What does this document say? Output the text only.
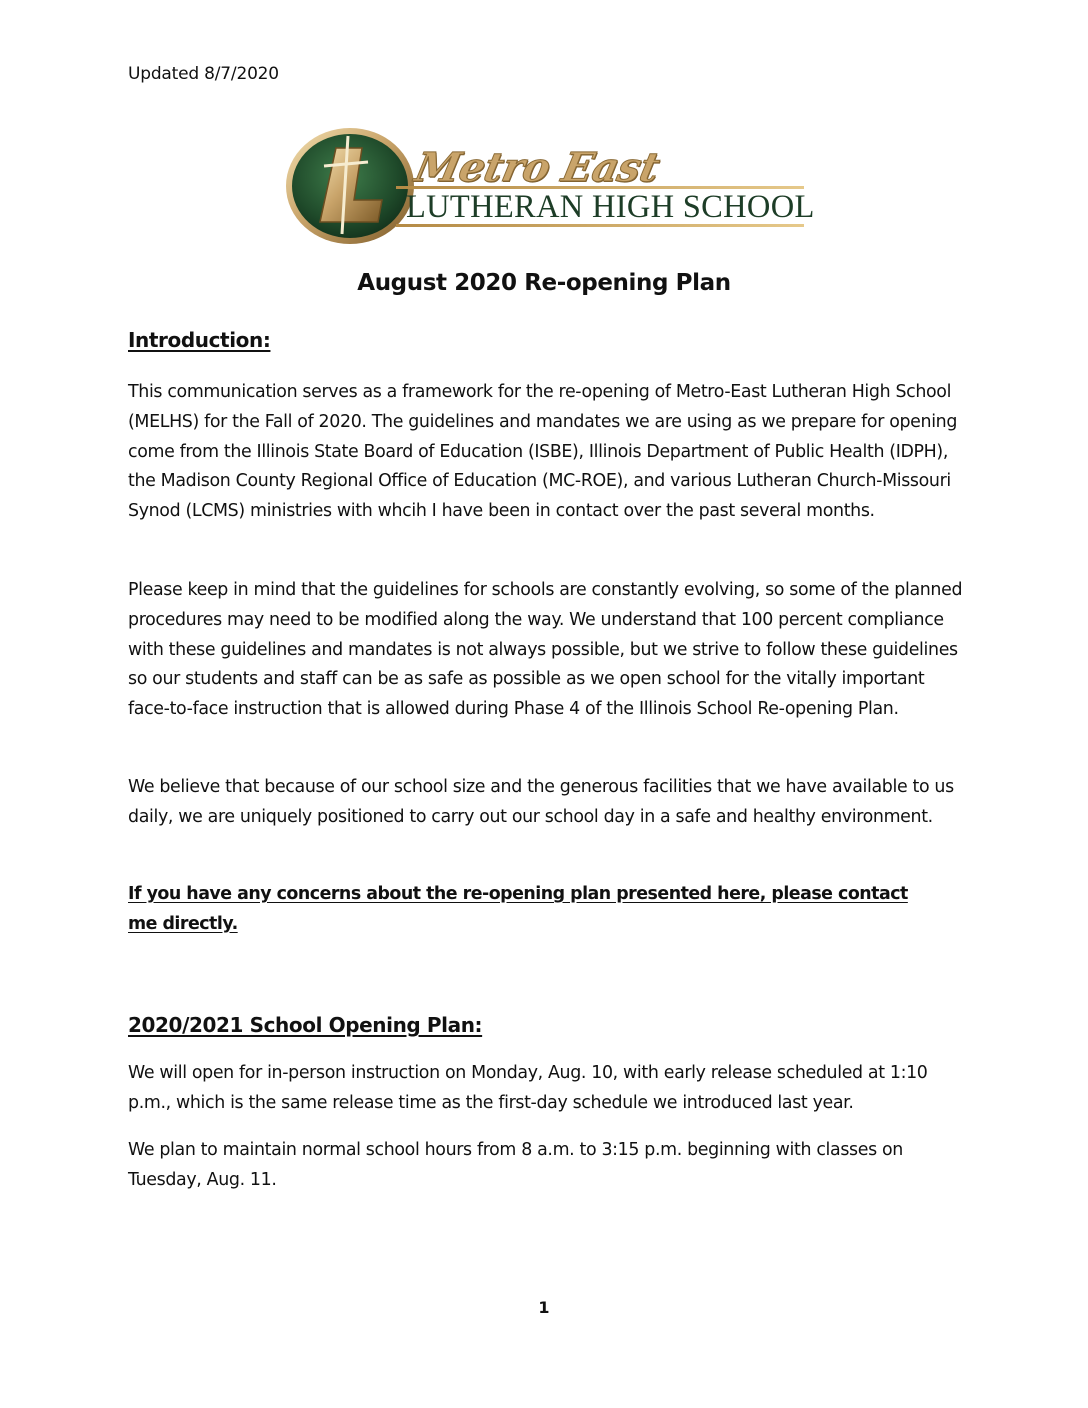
Updated 8/7/2020
Metro East
LUTHERAN HIGH SCHOOL
August 2020 Re-opening Plan
Introduction:

This communication serves as a framework for the re-opening of Metro-East Lutheran High School (MELHS) for the Fall of 2020. The guidelines and mandates we are using as we prepare for opening come from the Illinois State Board of Education (ISBE), Illinois Department of Public Health (IDPH), the Madison County Regional Office of Education (MC-ROE), and various Lutheran Church-Missouri Synod (LCMS) ministries with whcih I have been in contact over the past several months.

Please keep in mind that the guidelines for schools are constantly evolving, so some of the planned procedures may need to be modified along the way. We understand that 100 percent compliance with these guidelines and mandates is not always possible, but we strive to follow these guidelines so our students and staff can be as safe as possible as we open school for the vitally important face-to-face instruction that is allowed during Phase 4 of the Illinois School Re-opening Plan.

We believe that because of our school size and the generous facilities that we have available to us daily, we are uniquely positioned to carry out our school day in a safe and healthy environment.

If you have any concerns about the re-opening plan presented here, please contact me directly.

2020/2021 School Opening Plan:

We will open for in-person instruction on Monday, Aug. 10, with early release scheduled at 1:10 p.m., which is the same release time as the first-day schedule we introduced last year.

We plan to maintain normal school hours from 8 a.m. to 3:15 p.m. beginning with classes on Tuesday, Aug. 11.

1
